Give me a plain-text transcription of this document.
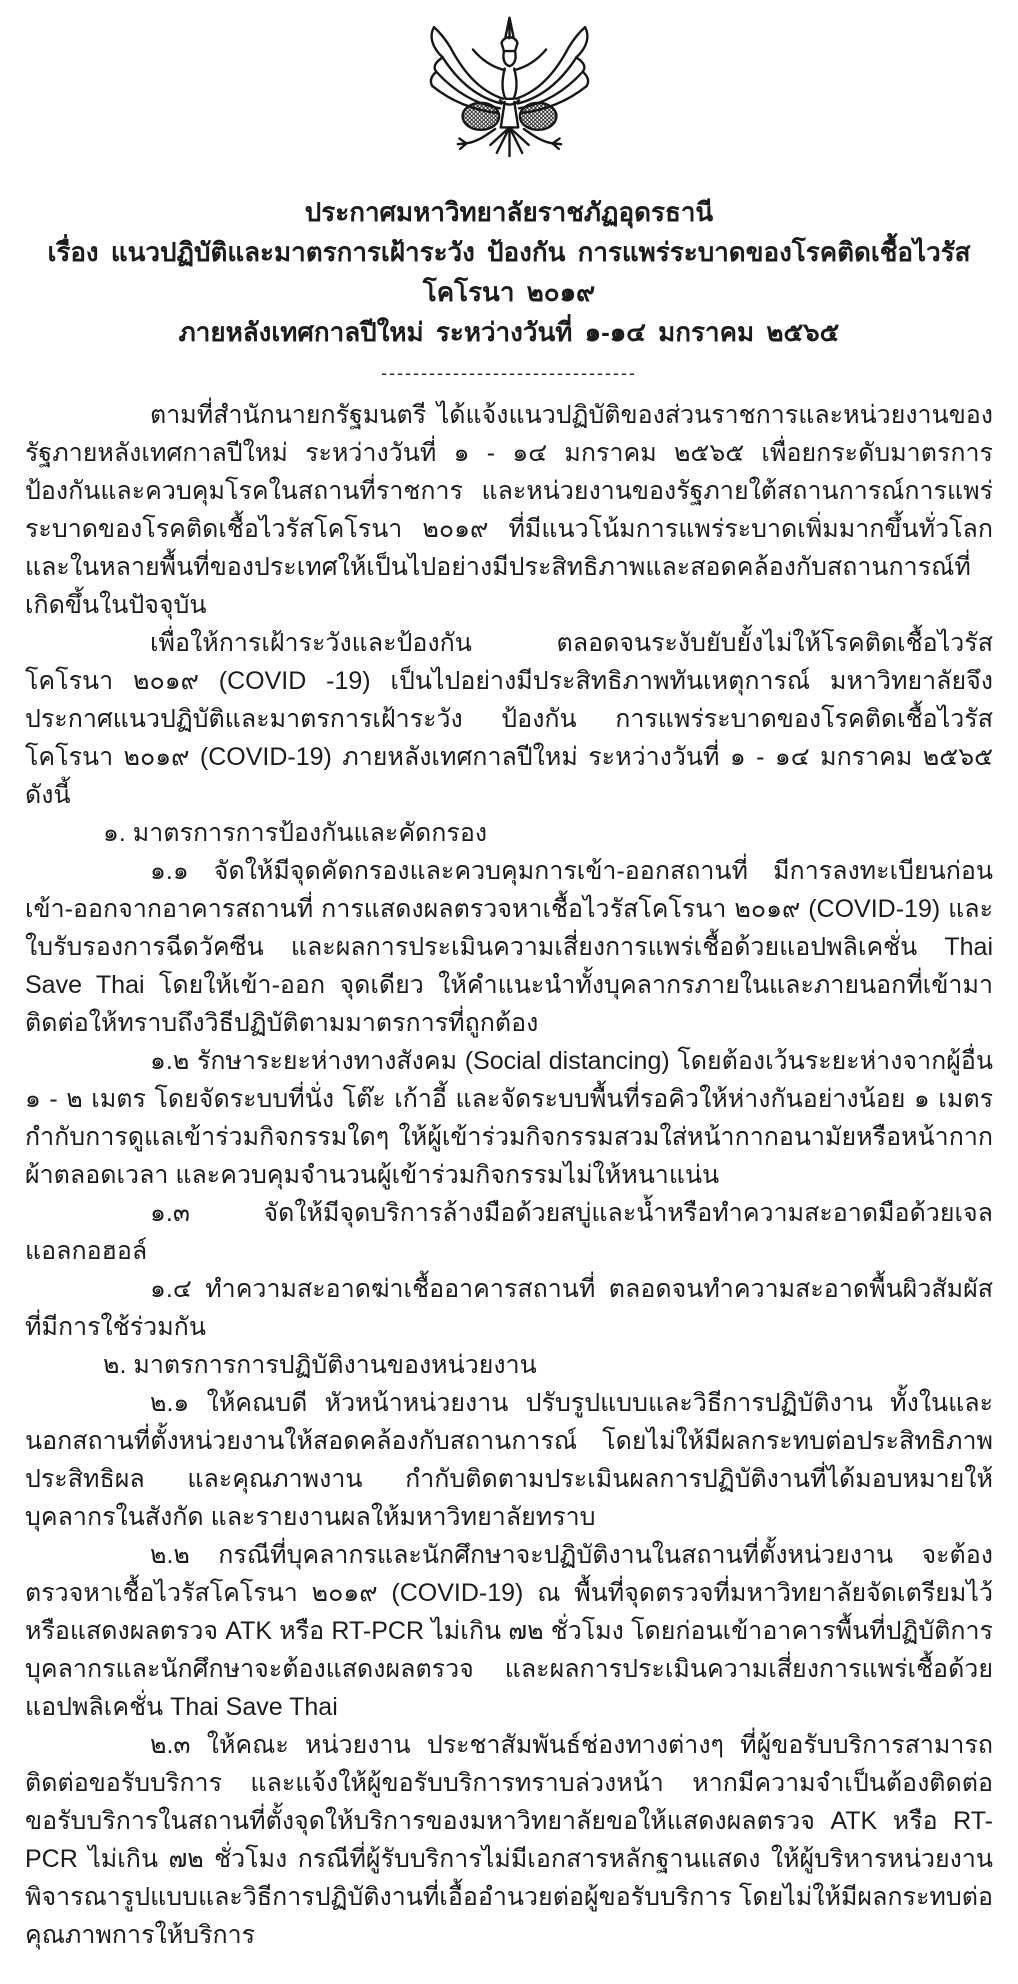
ประกาศมหาวิทยาลัยราชภัฏอุดรธานี
เรื่อง แนวปฏิบัติและมาตรการเฝ้าระวัง ป้องกัน การแพร่ระบาดของโรคติดเชื้อไวรัสโคโรนา ๒๐๑๙
ภายหลังเทศกาลปีใหม่ ระหว่างวันที่ ๑-๑๔ มกราคม ๒๕๖๕
--------------------------------

ตามที่สำนักนายกรัฐมนตรี ได้แจ้งแนวปฏิบัติของส่วนราชการและหน่วยงานของรัฐภายหลังเทศกาลปีใหม่ ระหว่างวันที่ ๑ - ๑๔ มกราคม ๒๕๖๕ เพื่อยกระดับมาตรการป้องกันและควบคุมโรคในสถานที่ราชการ และหน่วยงานของรัฐภายใต้สถานการณ์การแพร่ระบาดของโรคติดเชื้อไวรัสโคโรนา ๒๐๑๙ ที่มีแนวโน้มการแพร่ระบาดเพิ่มมากขึ้นทั่วโลกและในหลายพื้นที่ของประเทศให้เป็นไปอย่างมีประสิทธิภาพและสอดคล้องกับสถานการณ์ที่เกิดขึ้นในปัจจุบัน

เพื่อให้การเฝ้าระวังและป้องกัน ตลอดจนระงับยับยั้งไม่ให้โรคติดเชื้อไวรัสโคโรนา ๒๐๑๙ (COVID -19) เป็นไปอย่างมีประสิทธิภาพทันเหตุการณ์ มหาวิทยาลัยจึงประกาศแนวปฏิบัติและมาตรการเฝ้าระวัง ป้องกัน การแพร่ระบาดของโรคติดเชื้อไวรัสโคโรนา ๒๐๑๙ (COVID-19) ภายหลังเทศกาลปีใหม่ ระหว่างวันที่ ๑ - ๑๔ มกราคม ๒๕๖๕ ดังนี้

๑. มาตรการการป้องกันและคัดกรอง

๑.๑ จัดให้มีจุดคัดกรองและควบคุมการเข้า-ออกสถานที่ มีการลงทะเบียนก่อนเข้า-ออกจากอาคารสถานที่ การแสดงผลตรวจหาเชื้อไวรัสโคโรนา ๒๐๑๙ (COVID-19) และใบรับรองการฉีดวัคซีน และผลการประเมินความเสี่ยงการแพร่เชื้อด้วยแอปพลิเคชั่น Thai Save Thai โดยให้เข้า-ออก จุดเดียว ให้คำแนะนำทั้งบุคลากรภายในและภายนอกที่เข้ามาติดต่อให้ทราบถึงวิธีปฏิบัติตามมาตรการที่ถูกต้อง

๑.๒ รักษาระยะห่างทางสังคม (Social distancing) โดยต้องเว้นระยะห่างจากผู้อื่น ๑ - ๒ เมตร โดยจัดระบบที่นั่ง โต๊ะ เก้าอี้ และจัดระบบพื้นที่รอคิวให้ห่างกันอย่างน้อย ๑ เมตร กำกับการดูแลเข้าร่วมกิจกรรมใดๆ ให้ผู้เข้าร่วมกิจกรรมสวมใส่หน้ากากอนามัยหรือหน้ากากผ้าตลอดเวลา และควบคุมจำนวนผู้เข้าร่วมกิจกรรมไม่ให้หนาแน่น

๑.๓ จัดให้มีจุดบริการล้างมือด้วยสบู่และน้ำหรือทำความสะอาดมือด้วยเจลแอลกอฮอล์

๑.๔ ทำความสะอาดฆ่าเชื้ออาคารสถานที่ ตลอดจนทำความสะอาดพื้นผิวสัมผัสที่มีการใช้ร่วมกัน

๒. มาตรการการปฏิบัติงานของหน่วยงาน

๒.๑ ให้คณบดี หัวหน้าหน่วยงาน ปรับรูปแบบและวิธีการปฏิบัติงาน ทั้งในและนอกสถานที่ตั้งหน่วยงานให้สอดคล้องกับสถานการณ์ โดยไม่ให้มีผลกระทบต่อประสิทธิภาพ ประสิทธิผล และคุณภาพงาน กำกับติดตามประเมินผลการปฏิบัติงานที่ได้มอบหมายให้บุคลากรในสังกัด และรายงานผลให้มหาวิทยาลัยทราบ

๒.๒ กรณีที่บุคลากรและนักศึกษาจะปฏิบัติงานในสถานที่ตั้งหน่วยงาน จะต้องตรวจหาเชื้อไวรัสโคโรนา ๒๐๑๙ (COVID-19) ณ พื้นที่จุดตรวจที่มหาวิทยาลัยจัดเตรียมไว้ หรือแสดงผลตรวจ ATK หรือ RT-PCR ไม่เกิน ๗๒ ชั่วโมง โดยก่อนเข้าอาคารพื้นที่ปฏิบัติการ บุคลากรและนักศึกษาจะต้องแสดงผลตรวจ และผลการประเมินความเสี่ยงการแพร่เชื้อด้วยแอปพลิเคชั่น Thai Save Thai

๒.๓ ให้คณะ หน่วยงาน ประชาสัมพันธ์ช่องทางต่างๆ ที่ผู้ขอรับบริการสามารถติดต่อขอรับบริการ และแจ้งให้ผู้ขอรับบริการทราบล่วงหน้า หากมีความจำเป็นต้องติดต่อขอรับบริการในสถานที่ตั้งจุดให้บริการของมหาวิทยาลัยขอให้แสดงผลตรวจ ATK หรือ RT-PCR ไม่เกิน ๗๒ ชั่วโมง กรณีที่ผู้รับบริการไม่มีเอกสารหลักฐานแสดง ให้ผู้บริหารหน่วยงาน พิจารณารูปแบบและวิธีการปฏิบัติงานที่เอื้ออำนวยต่อผู้ขอรับบริการ โดยไม่ให้มีผลกระทบต่อคุณภาพการให้บริการ
